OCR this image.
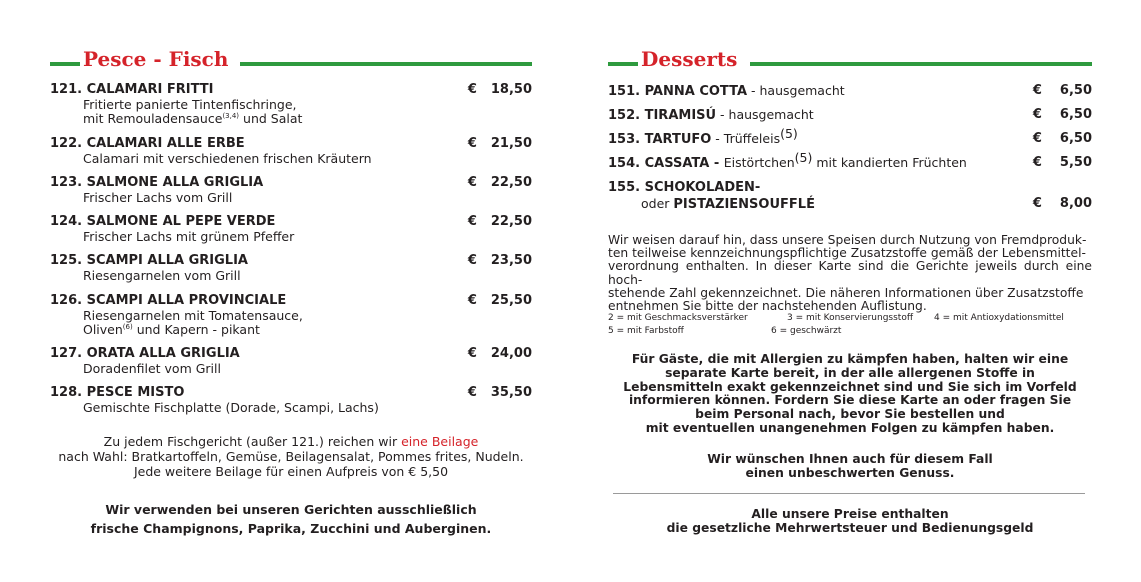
Pesce - Fisch
121. CALAMARI FRITTI
Fritierte panierte Tintenfischringe,
mit Remouladensauce$^{(3,4)}$ und Salat
€ 18,50
122. CALAMARI ALLE ERBE
Calamari mit verschiedenen frischen Kräutern
€ 21,50
123. SALMONE ALLA GRIGLIA
Frischer Lachs vom Grill
€ 22,50
124. SALMONE AL PEPE VERDE
Frischer Lachs mit grünem Pfeffer
€ 22,50
125. SCAMPI ALLA GRIGLIA
Riesengarnelen vom Grill
€ 23,50
126. SCAMPI ALLA PROVINCIALE
Riesengarnelen mit Tomatensauce,
Oliven$^{(6)}$ und Kapern - pikant
€ 25,50
127. ORATA ALLA GRIGLIA
Doradenfilet vom Grill
€ 24,00
128. PESCE MISTO
Gemischte Fischplatte (Dorade, Scampi, Lachs)
€ 35,50
Zu jedem Fischgericht (außer 121.) reichen wir eine Beilage
nach Wahl: Bratkartoffeln, Gemüse, Beilagensalat, Pommes frites, Nudeln.
Jede weitere Beilage für einen Aufpreis von € 5,50
Wir verwenden bei unseren Gerichten ausschließlich
frische Champignons, Paprika, Zucchini und Auberginen.
Desserts
151. PANNA COTTA - hausgemacht	€ 6,50
152. TIRAMISÚ - hausgemacht	€ 6,50
153. TARTUFO - Trüffeleis$^{(5)}$	€ 6,50
154. CASSATA - Eistörtchen$^{(5)}$ mit kandierten Früchten	€ 5,50
155. SCHOKOLADEN-
oder PISTAZIENSOUFFLÉ	€ 8,00
Wir weisen darauf hin, dass unsere Speisen durch Nutzung von Fremdproduk-
ten teilweise kennzeichnungspflichtige Zusatzstoffe gemäß der Lebensmittel-
verordnung enthalten. In dieser Karte sind die Gerichte jeweils durch eine hoch-
stehende Zahl gekennzeichnet. Die näheren Informationen über Zusatzstoffe
entnehmen Sie bitte der nachstehenden Auflistung.
2 = mit Geschmacksverstärker	3 = mit Konservierungsstoff 4 = mit Antioxydationsmittel
5 = mit Farbstoff	6 = geschwärzt
Für Gäste, die mit Allergien zu kämpfen haben, halten wir eine
separate Karte bereit, in der alle allergenen Stoffe in
Lebensmitteln exakt gekennzeichnet sind und Sie sich im Vorfeld
informieren können. Fordern Sie diese Karte an oder fragen Sie
beim Personal nach, bevor Sie bestellen und
mit eventuellen unangenehmen Folgen zu kämpfen haben.
Wir wünschen Ihnen auch für diesem Fall
einen unbeschwerten Genuss.
Alle unsere Preise enthalten
die gesetzliche Mehrwertsteuer und Bedienungsgeld
